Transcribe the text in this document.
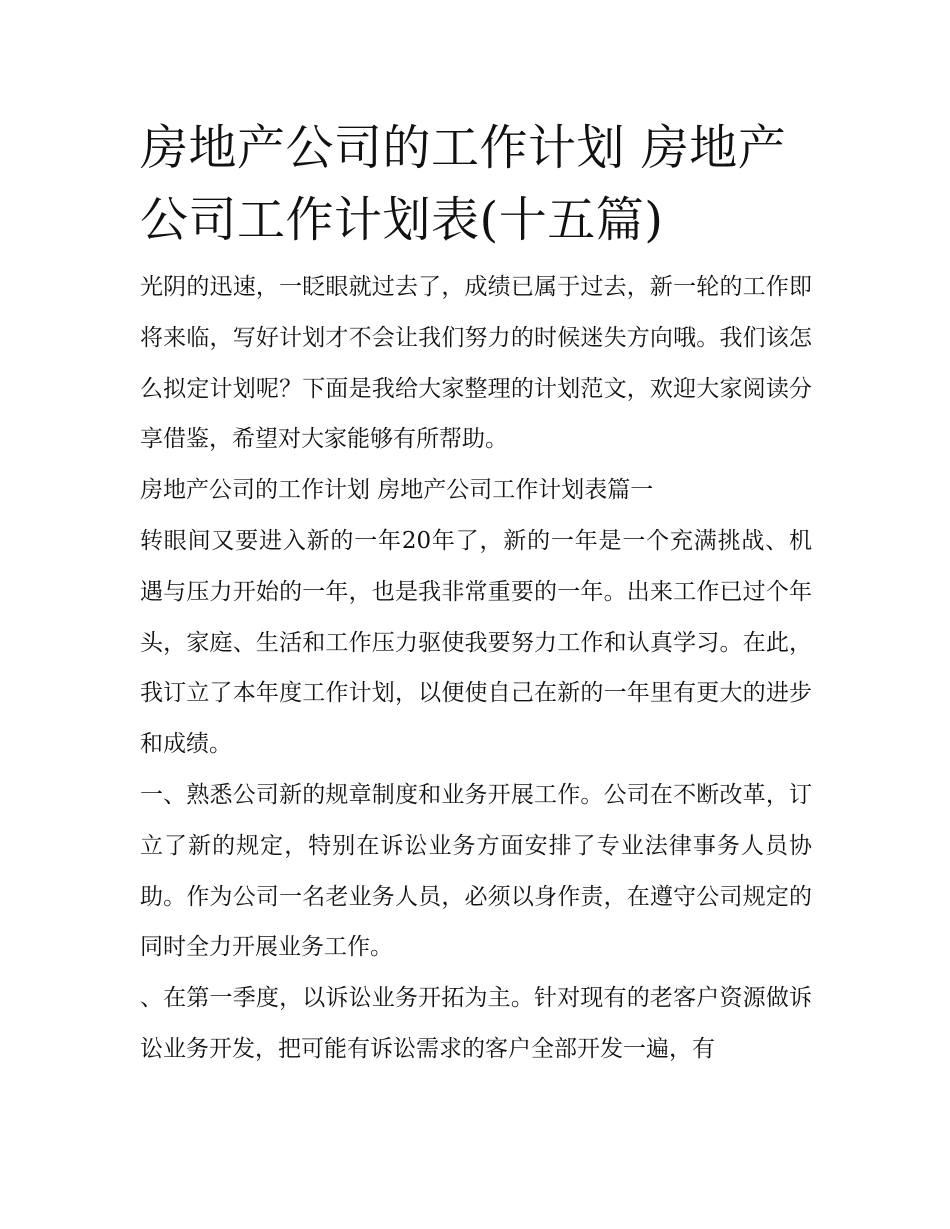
房地产公司的工作计划 房地产公司工作计划表(十五篇)

光阴的迅速，一眨眼就过去了，成绩已属于过去，新一轮的工作即将来临，写好计划才不会让我们努力的时候迷失方向哦。我们该怎么拟定计划呢？下面是我给大家整理的计划范文，欢迎大家阅读分享借鉴，希望对大家能够有所帮助。

房地产公司的工作计划 房地产公司工作计划表篇一

转眼间又要进入新的一年20年了，新的一年是一个充满挑战、机遇与压力开始的一年，也是我非常重要的一年。出来工作已过个年头，家庭、生活和工作压力驱使我要努力工作和认真学习。在此，我订立了本年度工作计划，以便使自己在新的一年里有更大的进步和成绩。

一、熟悉公司新的规章制度和业务开展工作。公司在不断改革，订立了新的规定，特别在诉讼业务方面安排了专业法律事务人员协助。作为公司一名老业务人员，必须以身作责，在遵守公司规定的同时全力开展业务工作。

、在第一季度，以诉讼业务开拓为主。针对现有的老客户资源做诉讼业务开发，把可能有诉讼需求的客户全部开发一遍，有
